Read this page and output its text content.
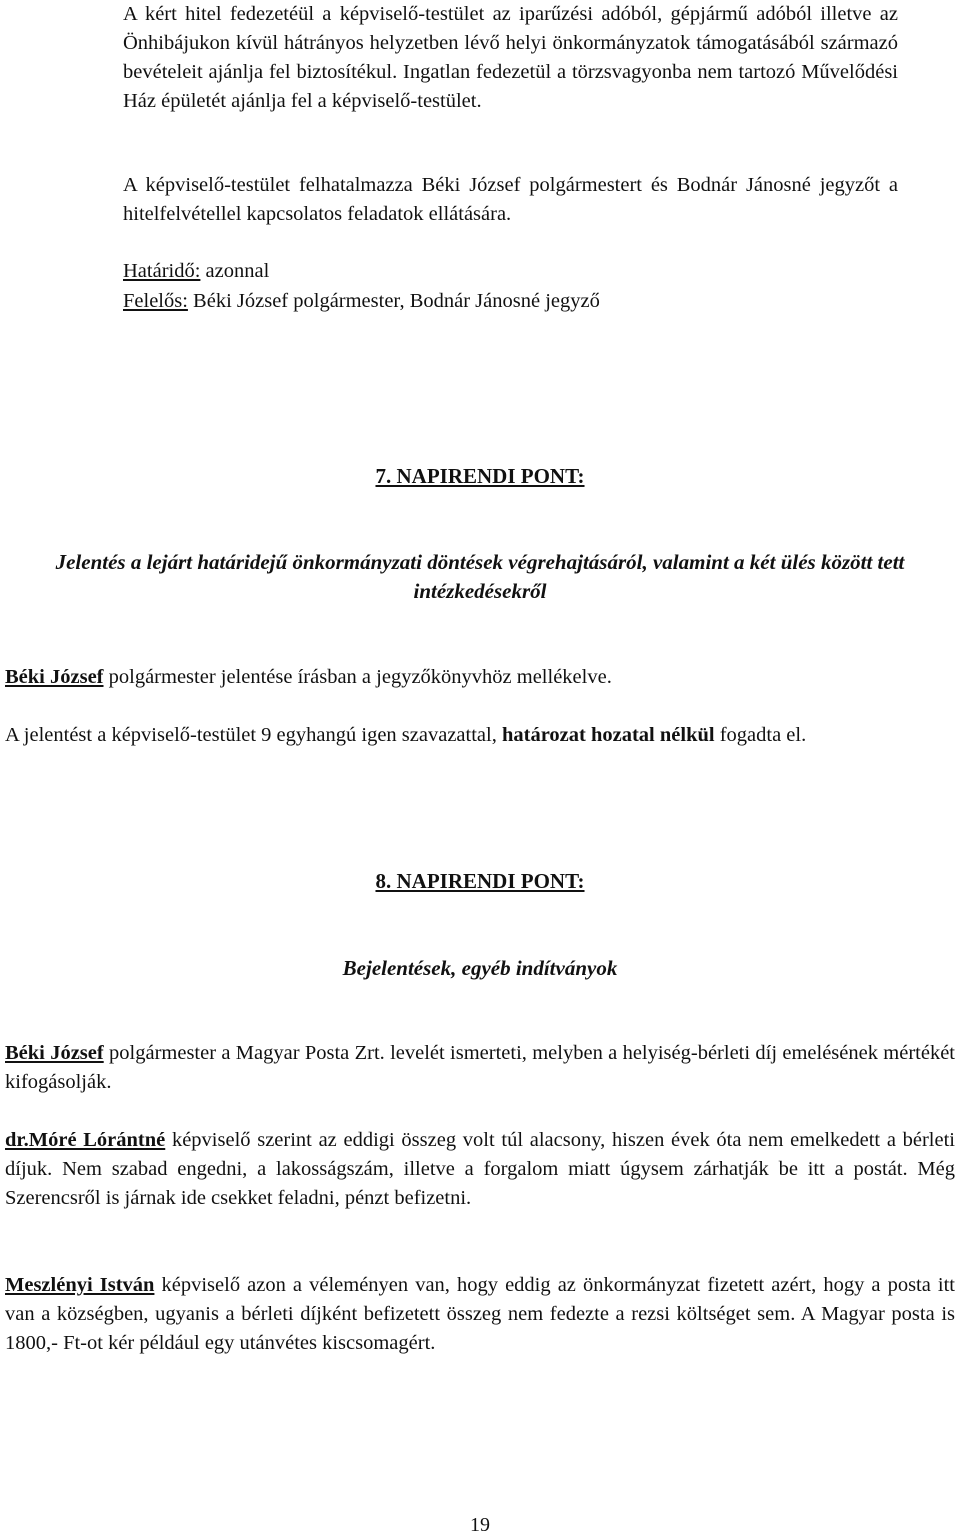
A kért hitel fedezetéül a képviselő-testület az iparűzési adóból, gépjármű adóból illetve az Önhibájukon kívül hátrányos helyzetben lévő helyi önkormányzatok támogatásából származó bevételeit ajánlja fel biztosítékul. Ingatlan fedezetül a törzsvagyonba nem tartozó Művelődési Ház épületét ajánlja fel a képviselő-testület.

A képviselő-testület felhatalmazza Béki József polgármestert és Bodnár Jánosné jegyzőt a hitelfelvétellel kapcsolatos feladatok ellátására.

Határidő: azonnal

Felelős: Béki József polgármester, Bodnár Jánosné jegyző

7. NAPIRENDI PONT:

Jelentés a lejárt határidejű önkormányzati döntések végrehajtásáról, valamint a két ülés között tett intézkedésekről

Béki József polgármester jelentése írásban a jegyzőkönyvhöz mellékelve.

A jelentést a képviselő-testület 9 egyhangú igen szavazattal, határozat hozatal nélkül fogadta el.

8. NAPIRENDI PONT:

Bejelentések, egyéb indítványok

Béki József polgármester a Magyar Posta Zrt. levelét ismerteti, melyben a helyiség-bérleti díj emelésének mértékét kifogásolják.

dr.Móré Lórántné képviselő szerint az eddigi összeg volt túl alacsony, hiszen évek óta nem emelkedett a bérleti díjuk. Nem szabad engedni, a lakosságszám, illetve a forgalom miatt úgysem zárhatják be itt a postát. Még Szerencsről is járnak ide csekket feladni, pénzt befizetni.

Meszlényi István képviselő azon a véleményen van, hogy eddig az önkormányzat fizetett azért, hogy a posta itt van a községben, ugyanis a bérleti díjként befizetett összeg nem fedezte a rezsi költséget sem. A Magyar posta is 1800,- Ft-ot kér például egy utánvétes kiscsomagért.

19
